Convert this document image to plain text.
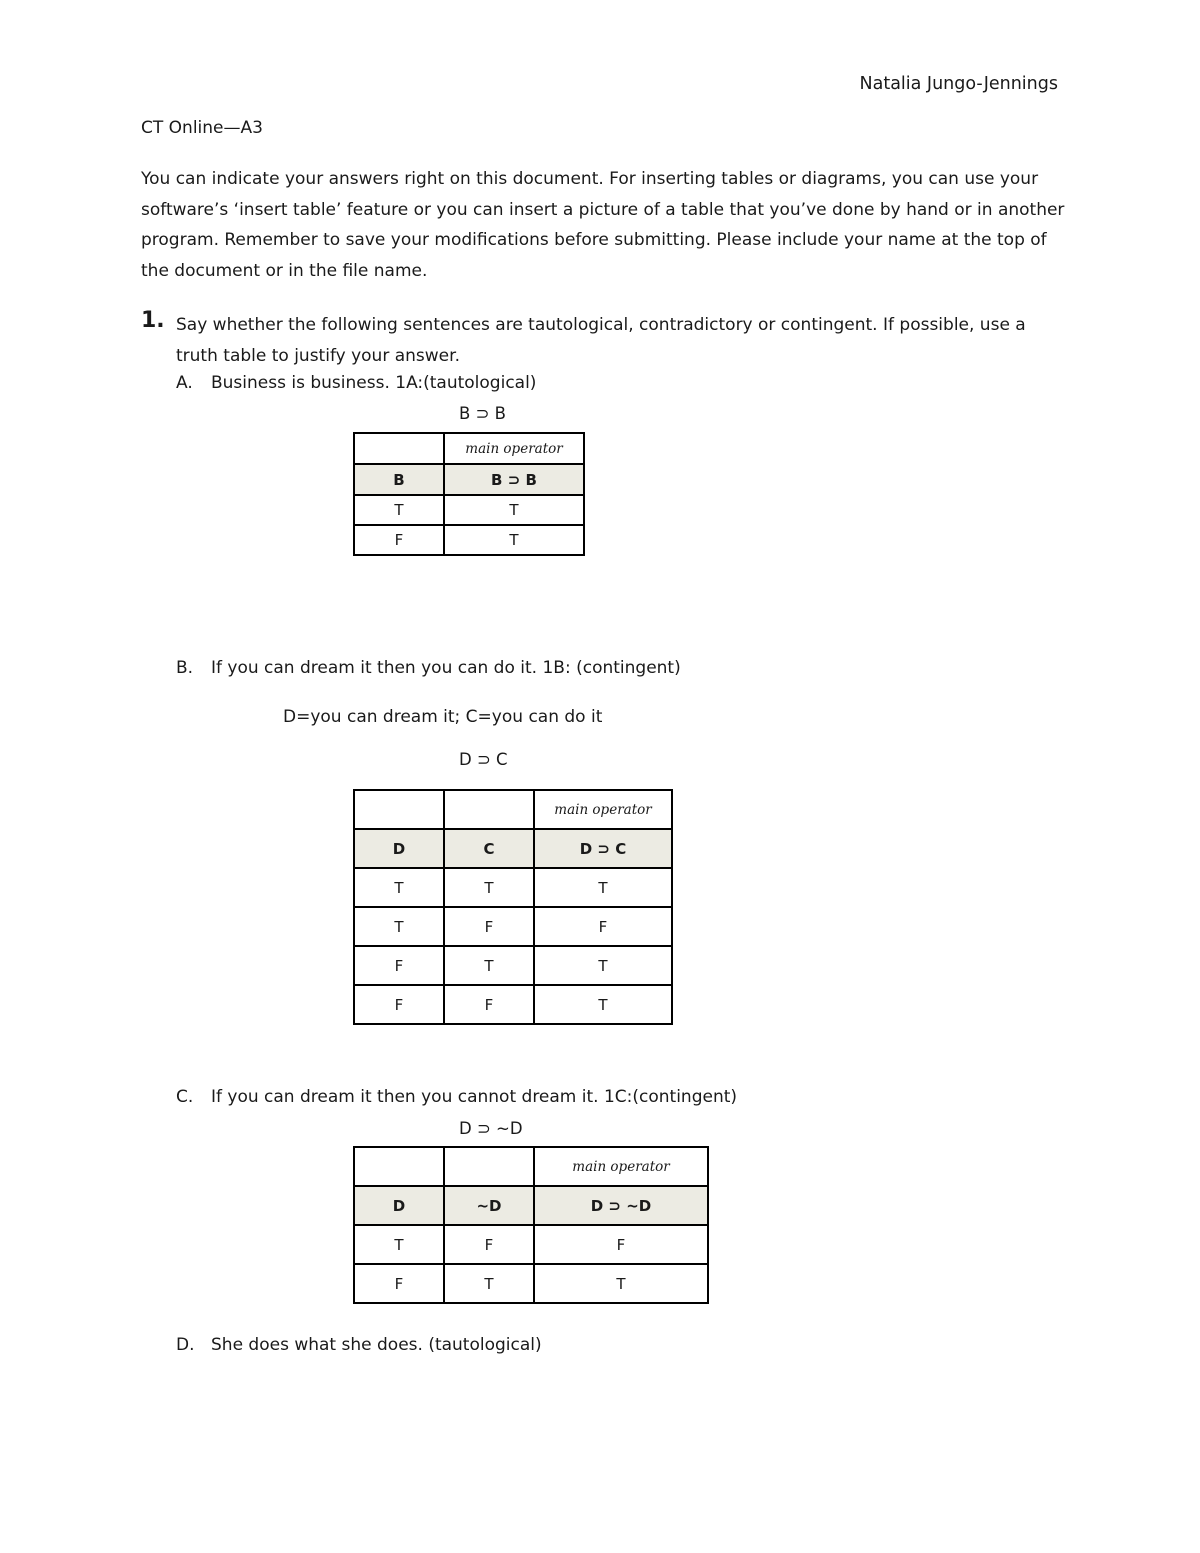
Natalia Jungo-Jennings
CT Online—A3

You can indicate your answers right on this document. For inserting tables or diagrams, you can use your software’s ‘insert table’ feature or you can insert a picture of a table that you’ve done by hand or in another program. Remember to save your modifications before submitting. Please include your name at the top of the document or in the file name.

1. Say whether the following sentences are tautological, contradictory or contingent. If possible, use a truth table to justify your answer.

A. Business is business. 1A:(tautological)
B ⊃ B
	main operator
B	B ⊃ B
T	T
F	T
B. If you can dream it then you can do it. 1B: (contingent)
D=you can dream it; C=you can do it
D ⊃ C
		main operator
D	C	D ⊃ C
T	T	T
T	F	F
F	T	T
F	F	T
C. If you can dream it then you cannot dream it. 1C:(contingent)
D ⊃ ~D
		main operator
D	~D	D ⊃ ~D
T	F	F
F	T	T
D. She does what she does. (tautological)
